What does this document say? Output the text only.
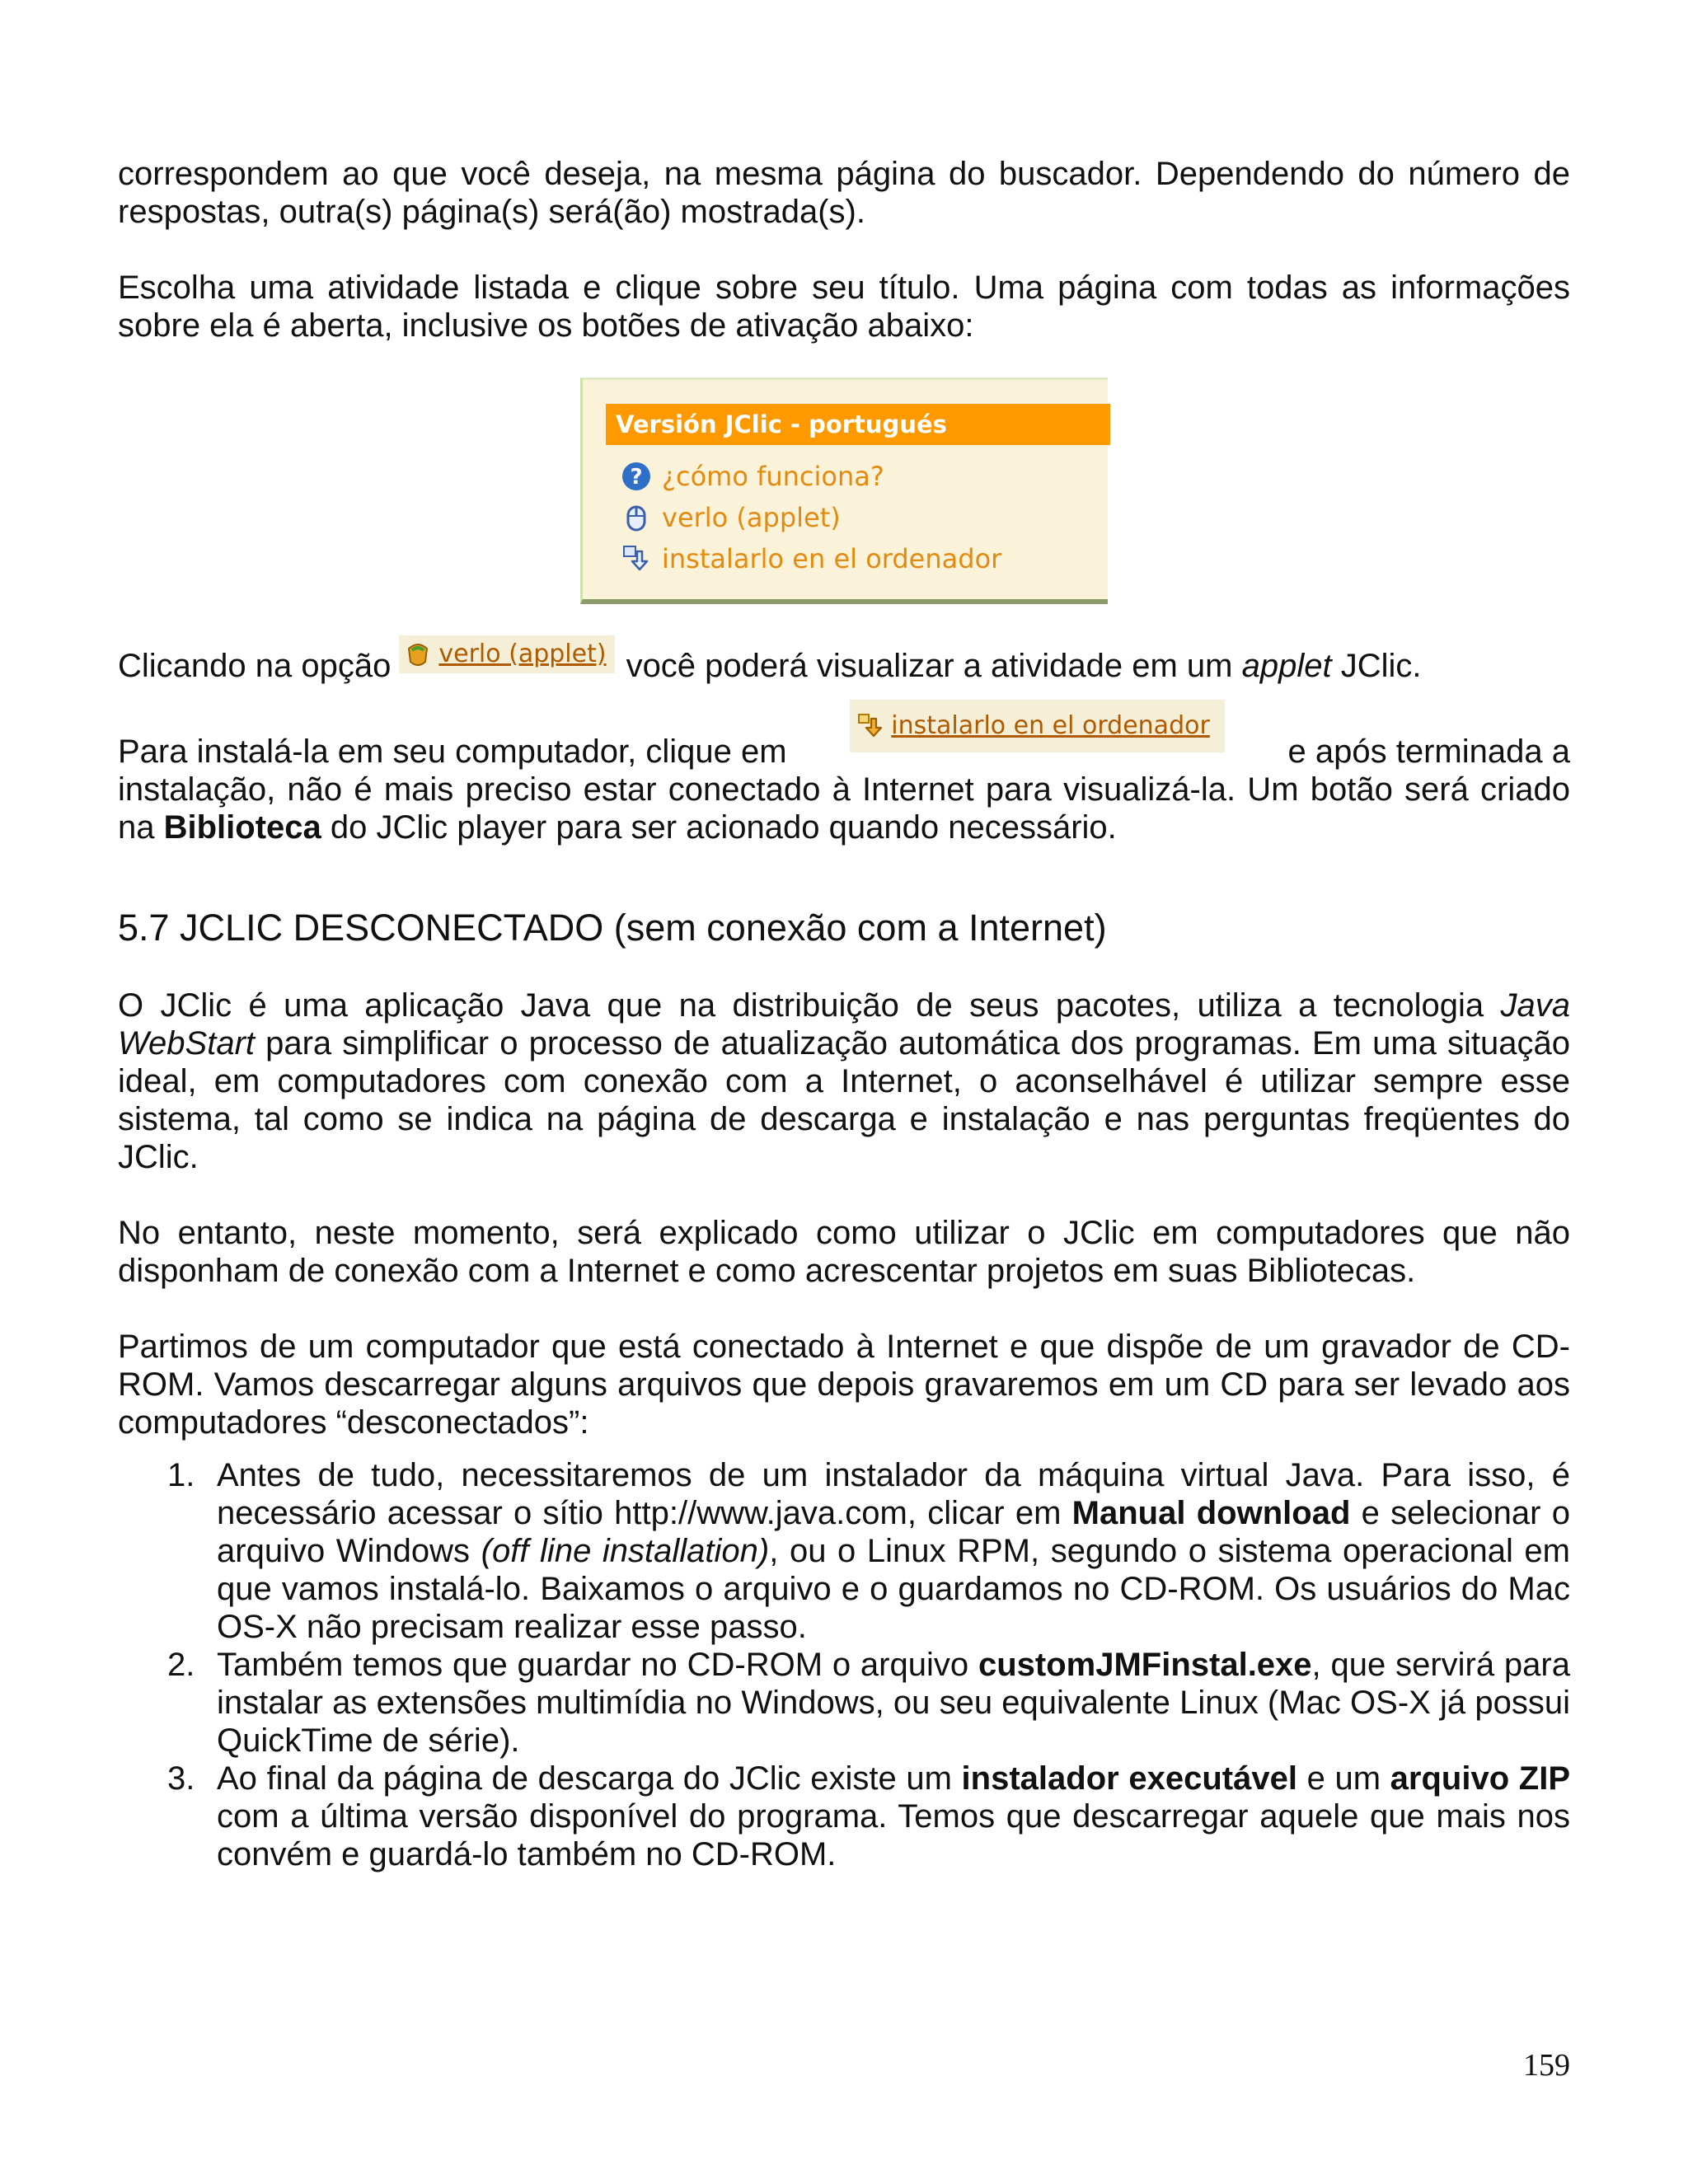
correspondem ao que você deseja, na mesma página do buscador. Dependendo do número de respostas, outra(s) página(s) será(ão) mostrada(s).

Escolha uma atividade listada e clique sobre seu título. Uma página com todas as informações sobre ela é aberta, inclusive os botões de ativação abaixo:

Versión JClic - portugués
? ¿cómo funciona?
verlo (applet)
instalarlo en el ordenador
Clicando na opção verlo (applet) você poderá visualizar a atividade em um applet JClic.
Para instalá-la em seu computador, clique em
instalarlo en el ordenador
e após terminada a

instalação, não é mais preciso estar conectado à Internet para visualizá-la. Um botão será criado na Biblioteca do JClic player para ser acionado quando necessário.

5.7 JCLIC DESCONECTADO (sem conexão com a Internet)

O JClic é uma aplicação Java que na distribuição de seus pacotes, utiliza a tecnologia Java WebStart para simplificar o processo de atualização automática dos programas. Em uma situação ideal, em computadores com conexão com a Internet, o aconselhável é utilizar sempre esse sistema, tal como se indica na página de descarga e instalação e nas perguntas freqüentes do JClic.

No entanto, neste momento, será explicado como utilizar o JClic em computadores que não disponham de conexão com a Internet e como acrescentar projetos em suas Bibliotecas.

Partimos de um computador que está conectado à Internet e que dispõe de um gravador de CD-ROM. Vamos descarregar alguns arquivos que depois gravaremos em um CD para ser levado aos computadores “desconectados”:

1. Antes de tudo, necessitaremos de um instalador da máquina virtual Java. Para isso, é necessário acessar o sítio http://www.java.com, clicar em Manual download e selecionar o arquivo Windows (off line installation), ou o Linux RPM, segundo o sistema operacional em que vamos instalá-lo. Baixamos o arquivo e o guardamos no CD-ROM. Os usuários do Mac OS-X não precisam realizar esse passo.
2. Também temos que guardar no CD-ROM o arquivo customJMFinstal.exe, que servirá para instalar as extensões multimídia no Windows, ou seu equivalente Linux (Mac OS-X já possui QuickTime de série).
3. Ao final da página de descarga do JClic existe um instalador executável e um arquivo ZIP com a última versão disponível do programa. Temos que descarregar aquele que mais nos convém e guardá-lo também no CD-ROM.
159
